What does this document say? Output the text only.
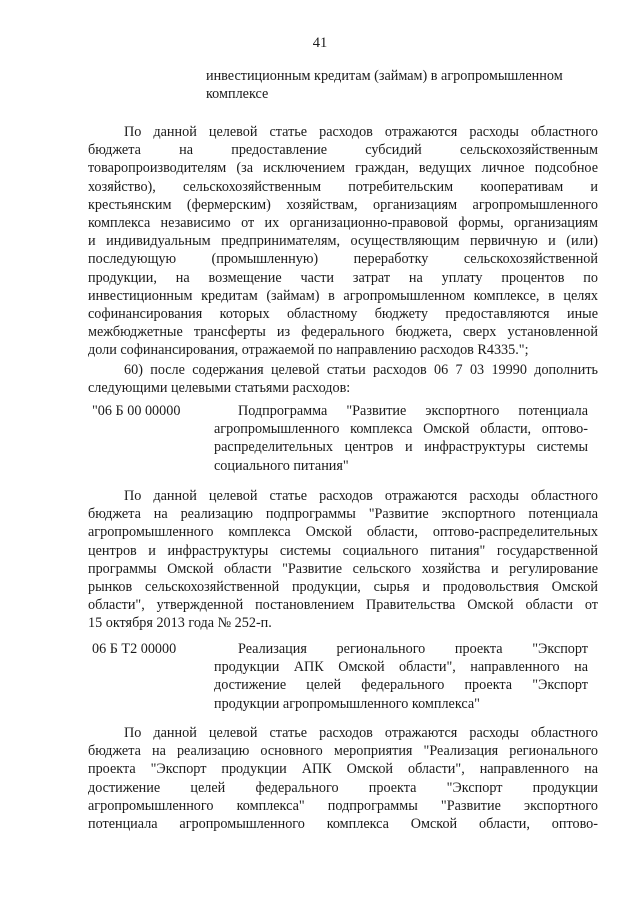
41
инвестиционным кредитам (займам) в агропромышленном
комплексе
По данной целевой статье расходов отражаются расходы областного
бюджета на предоставление субсидий сельскохозяйственным
товаропроизводителям (за исключением граждан, ведущих личное подсобное
хозяйство), сельскохозяйственным потребительским кооперативам и
крестьянским (фермерским) хозяйствам, организациям агропромышленного
комплекса независимо от их организационно-правовой формы, организациям
и индивидуальным предпринимателям, осуществляющим первичную и (или)
последующую (промышленную) переработку сельскохозяйственной
продукции, на возмещение части затрат на уплату процентов по
инвестиционным кредитам (займам) в агропромышленном комплексе, в целях
софинансирования которых областному бюджету предоставляются иные
межбюджетные трансферты из федерального бюджета, сверх установленной
доли софинансирования, отражаемой по направлению расходов R4335.";
60) после содержания целевой статьи расходов 06 7 03 19990 дополнить
следующими целевыми статьями расходов:
"06 Б 00 00000	Подпрограмма "Развитие экспортного потенциала
агропромышленного комплекса Омской области, оптово-
распределительных центров и инфраструктуры системы
социального питания"
По данной целевой статье расходов отражаются расходы областного
бюджета на реализацию подпрограммы "Развитие экспортного потенциала
агропромышленного комплекса Омской области, оптово-распределительных
центров и инфраструктуры системы социального питания" государственной
программы Омской области "Развитие сельского хозяйства и регулирование
рынков сельскохозяйственной продукции, сырья и продовольствия Омской
области", утвержденной постановлением Правительства Омской области от
15 октября 2013 года № 252-п.
06 Б Т2 00000	Реализация регионального проекта "Экспорт
продукции АПК Омской области", направленного на
достижение целей федерального проекта "Экспорт
продукции агропромышленного комплекса"
По данной целевой статье расходов отражаются расходы областного
бюджета на реализацию основного мероприятия "Реализация регионального
проекта "Экспорт продукции АПК Омской области", направленного на
достижение целей федерального проекта "Экспорт продукции
агропромышленного комплекса" подпрограммы "Развитие экспортного
потенциала агропромышленного комплекса Омской области, оптово-
